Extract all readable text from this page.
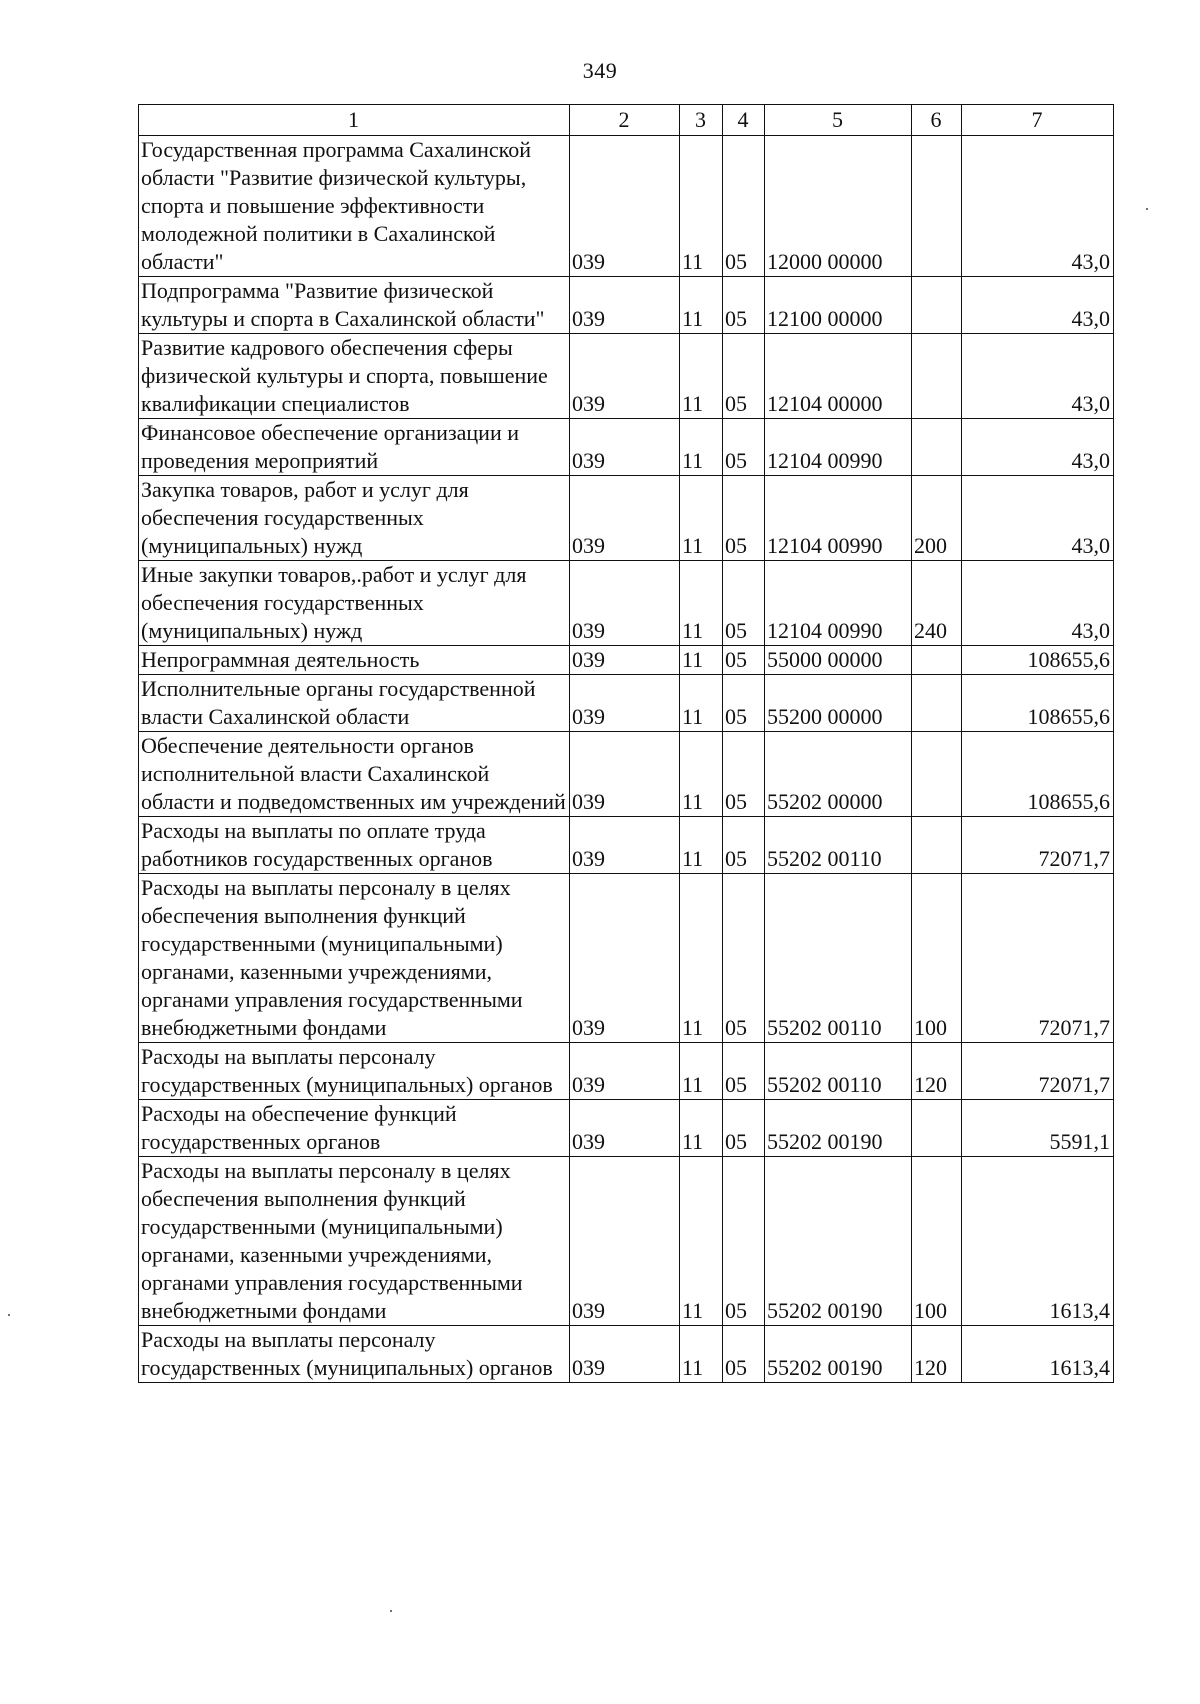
349
1	2	3	4	5	6	7

Государственная программа Сахалинской области "Развитие физической культуры, спорта и повышение эффективности молодежной политики в Сахалинской области"	039	11	05	12000 00000		43,0

Подпрограмма "Развитие физической культуры и спорта в Сахалинской области"	039	11	05	12100 00000		43,0

Развитие кадрового обеспечения сферы физической культуры и спорта, повышение квалификации специалистов	039	11	05	12104 00000		43,0

Финансовое обеспечение организации и проведения мероприятий	039	11	05	12104 00990		43,0

Закупка товаров, работ и услуг для обеспечения государственных (муниципальных) нужд	039	11	05	12104 00990	200	43,0

Иные закупки товаров,.работ и услуг для обеспечения государственных (муниципальных) нужд	039	11	05	12104 00990	240	43,0

Непрограммная деятельность	039	11	05	55000 00000		108655,6

Исполнительные органы государственной власти Сахалинской области	039	11	05	55200 00000		108655,6

Обеспечение деятельности органов исполнительной власти Сахалинской области и подведомственных им учреждений	039	11	05	55202 00000		108655,6

Расходы на выплаты по оплате труда работников государственных органов	039	11	05	55202 00110		72071,7

Расходы на выплаты персоналу в целях обеспечения выполнения функций государственными (муниципальными) органами, казенными учреждениями, органами управления государственными внебюджетными фондами	039	11	05	55202 00110	100	72071,7

Расходы на выплаты персоналу государственных (муниципальных) органов	039	11	05	55202 00110	120	72071,7

Расходы на обеспечение функций государственных органов	039	11	05	55202 00190		5591,1

Расходы на выплаты персоналу в целях обеспечения выполнения функций государственными (муниципальными) органами, казенными учреждениями, органами управления государственными внебюджетными фондами	039	11	05	55202 00190	100	1613,4

Расходы на выплаты персоналу государственных (муниципальных) органов	039	11	05	55202 00190	120	1613,4
